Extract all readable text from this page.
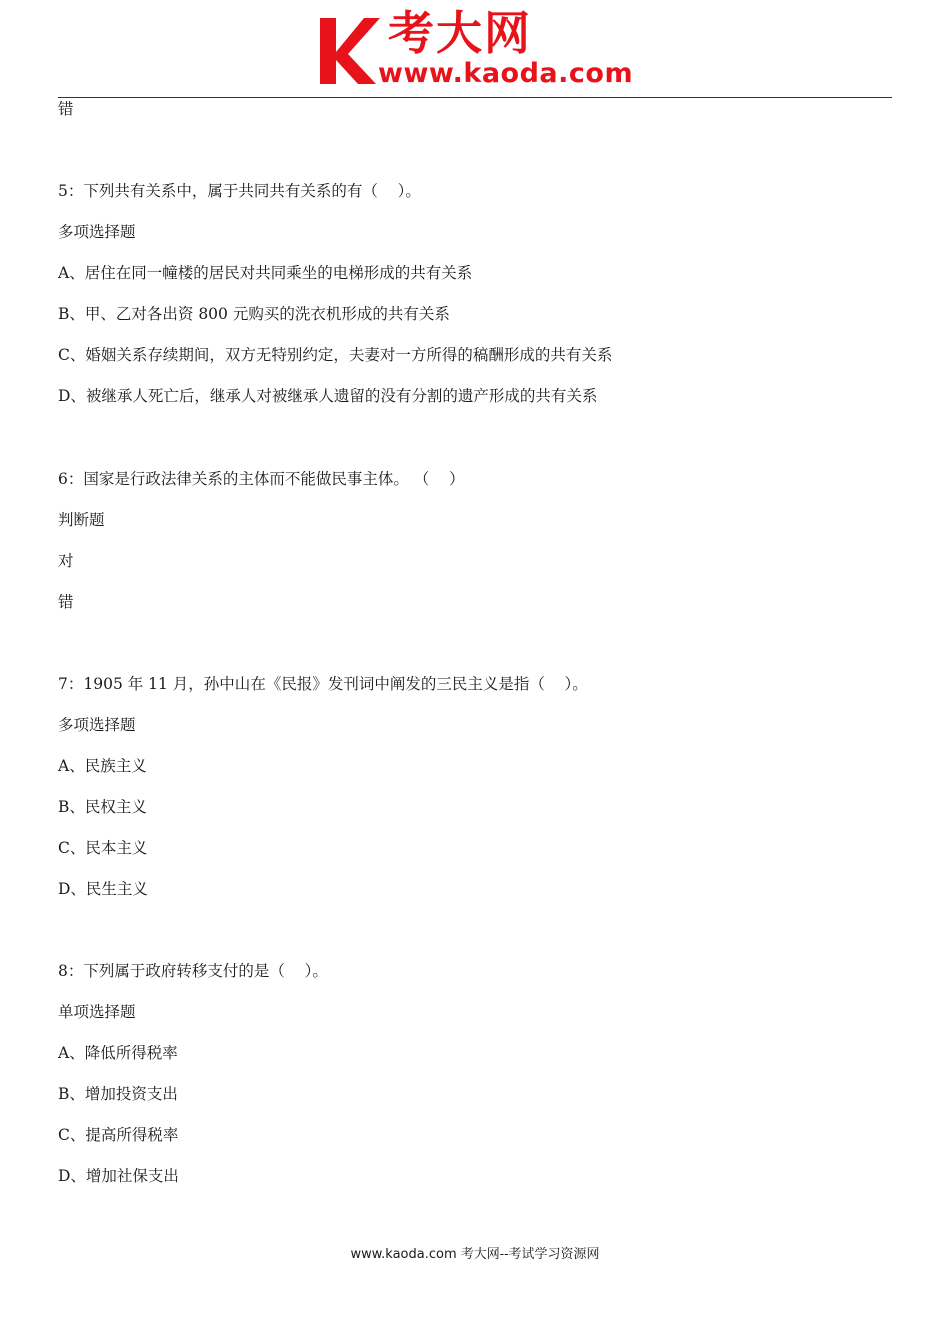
考大网
www.kaoda.com
错
5：下列共有关系中，属于共同共有关系的有（    ）。
多项选择题
A、居住在同一幢楼的居民对共同乘坐的电梯形成的共有关系
B、甲、乙对各出资 800 元购买的洗衣机形成的共有关系
C、婚姻关系存续期间，双方无特别约定，夫妻对一方所得的稿酬形成的共有关系
D、被继承人死亡后，继承人对被继承人遗留的没有分割的遗产形成的共有关系
6：国家是行政法律关系的主体而不能做民事主体。 （    ）
判断题
对
错
7：1905 年 11 月，孙中山在《民报》发刊词中阐发的三民主义是指（    ）。
多项选择题
A、民族主义
B、民权主义
C、民本主义
D、民生主义
8：下列属于政府转移支付的是（    ）。
单项选择题
A、降低所得税率
B、增加投资支出
C、提高所得税率
D、增加社保支出
www.kaoda.com 考大网--考试学习资源网
